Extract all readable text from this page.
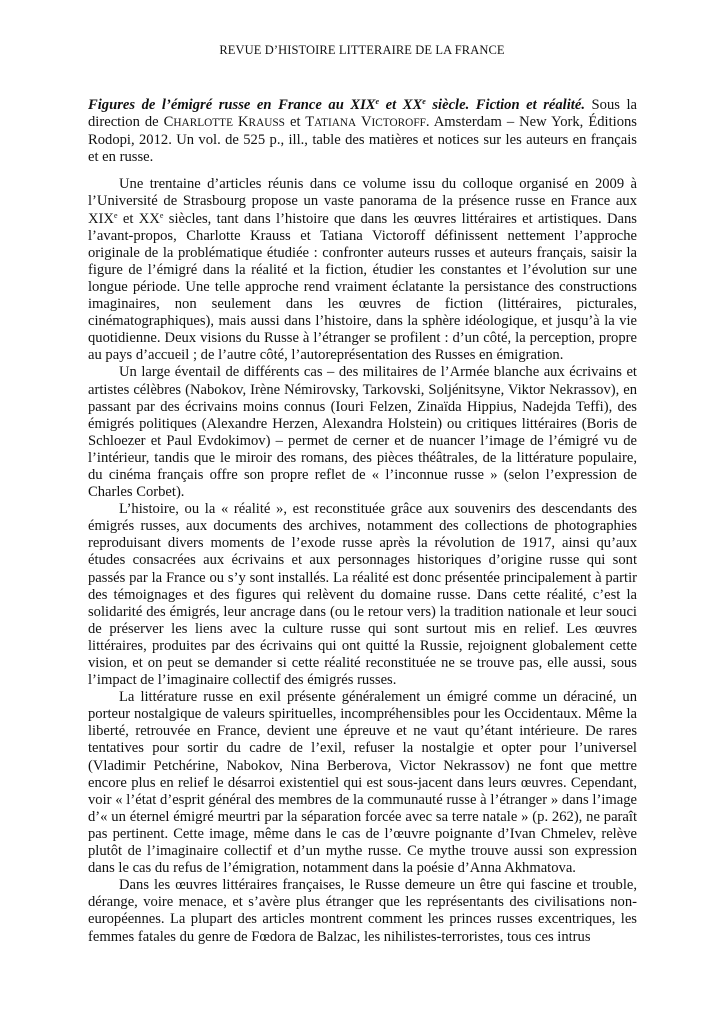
REVUE D’HISTOIRE LITTERAIRE DE LA FRANCE

Figures de l’émigré russe en France au XIXe et XXe siècle. Fiction et réalité. Sous la direction de CHARLOTTE KRAUSS et TATIANA VICTOROFF. Amsterdam – New York, Éditions Rodopi, 2012. Un vol. de 525 p., ill., table des matières et notices sur les auteurs en français et en russe.

Une trentaine d’articles réunis dans ce volume issu du colloque organisé en 2009 à l’Université de Strasbourg propose un vaste panorama de la présence russe en France aux XIXe et XXe siècles, tant dans l’histoire que dans les œuvres littéraires et artistiques. Dans l’avant-propos, Charlotte Krauss et Tatiana Victoroff définissent nettement l’approche originale de la problématique étudiée : confronter auteurs russes et auteurs français, saisir la figure de l’émigré dans la réalité et la fiction, étudier les constantes et l’évolution sur une longue période. Une telle approche rend vraiment éclatante la persistance des constructions imaginaires, non seulement dans les œuvres de fiction (littéraires, picturales, cinématographiques), mais aussi dans l’histoire, dans la sphère idéologique, et jusqu’à la vie quotidienne. Deux visions du Russe à l’étranger se profilent : d’un côté, la perception, propre au pays d’accueil ; de l’autre côté, l’autoreprésentation des Russes en émigration.

Un large éventail de différents cas – des militaires de l’Armée blanche aux écrivains et artistes célèbres (Nabokov, Irène Némirovsky, Tarkovski, Soljénitsyne, Viktor Nekrassov), en passant par des écrivains moins connus (Iouri Felzen, Zinaïda Hippius, Nadejda Teffi), des émigrés politiques (Alexandre Herzen, Alexandra Holstein) ou critiques littéraires (Boris de Schloezer et Paul Evdokimov) – permet de cerner et de nuancer l’image de l’émigré vu de l’intérieur, tandis que le miroir des romans, des pièces théâtrales, de la littérature populaire, du cinéma français offre son propre reflet de « l’inconnue russe » (selon l’expression de Charles Corbet).

L’histoire, ou la « réalité », est reconstituée grâce aux souvenirs des descendants des émigrés russes, aux documents des archives, notamment des collections de photographies reproduisant divers moments de l’exode russe après la révolution de 1917, ainsi qu’aux études consacrées aux écrivains et aux personnages historiques d’origine russe qui sont passés par la France ou s’y sont installés. La réalité est donc présentée principalement à partir des témoignages et des figures qui relèvent du domaine russe. Dans cette réalité, c’est la solidarité des émigrés, leur ancrage dans (ou le retour vers) la tradition nationale et leur souci de préserver les liens avec la culture russe qui sont surtout mis en relief. Les œuvres littéraires, produites par des écrivains qui ont quitté la Russie, rejoignent globalement cette vision, et on peut se demander si cette réalité reconstituée ne se trouve pas, elle aussi, sous l’impact de l’imaginaire collectif des émigrés russes.

La littérature russe en exil présente généralement un émigré comme un déraciné, un porteur nostalgique de valeurs spirituelles, incompréhensibles pour les Occidentaux. Même la liberté, retrouvée en France, devient une épreuve et ne vaut qu’étant intérieure. De rares tentatives pour sortir du cadre de l’exil, refuser la nostalgie et opter pour l’universel (Vladimir Petchérine, Nabokov, Nina Berberova, Victor Nekrassov) ne font que mettre encore plus en relief le désarroi existentiel qui est sous-jacent dans leurs œuvres. Cependant, voir « l’état d’esprit général des membres de la communauté russe à l’étranger » dans l’image d’« un éternel émigré meurtri par la séparation forcée avec sa terre natale » (p. 262), ne paraît pas pertinent. Cette image, même dans le cas de l’œuvre poignante d’Ivan Chmelev, relève plutôt de l’imaginaire collectif et d’un mythe russe. Ce mythe trouve aussi son expression dans le cas du refus de l’émigration, notamment dans la poésie d’Anna Akhmatova.

Dans les œuvres littéraires françaises, le Russe demeure un être qui fascine et trouble, dérange, voire menace, et s’avère plus étranger que les représentants des civilisations non-européennes. La plupart des articles montrent comment les princes russes excentriques, les femmes fatales du genre de Fœdora de Balzac, les nihilistes-terroristes, tous ces intrus
